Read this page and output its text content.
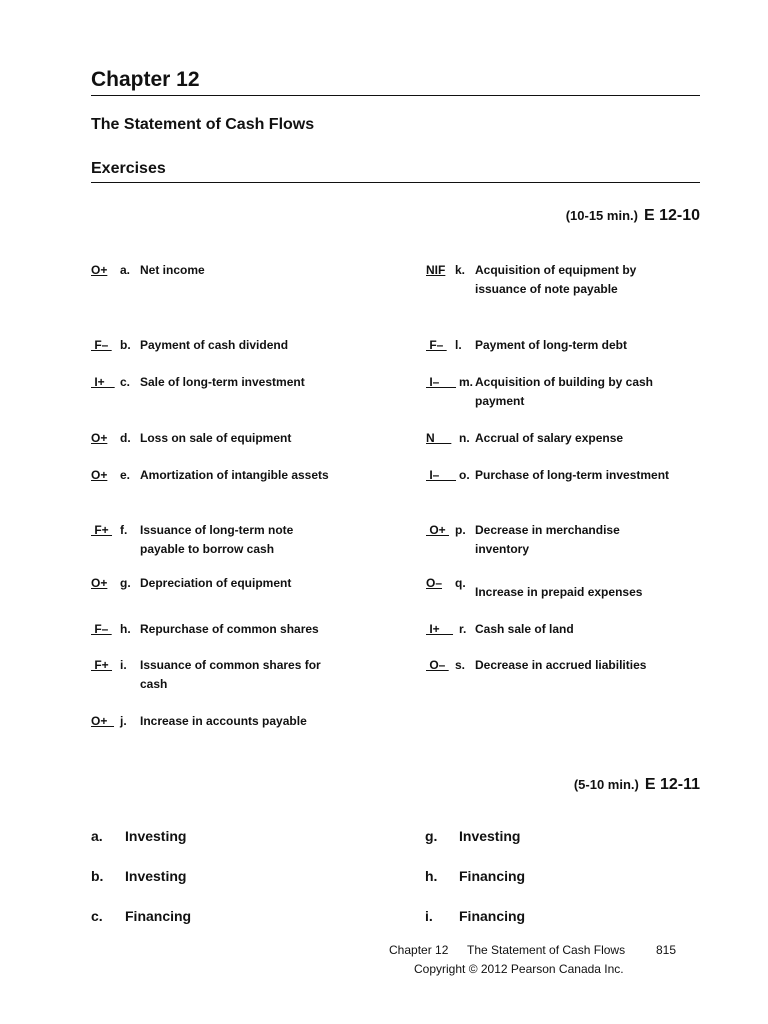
Chapter 12
The Statement of Cash Flows
Exercises
(10-15 min.) E 12-10
O+ a. Net income
F– b. Payment of cash dividend
I+ c. Sale of long-term investment
O+ d. Loss on sale of equipment
O+ e. Amortization of intangible assets
F+ f. Issuance of long-term note payable to borrow cash
O+ g. Depreciation of equipment
F– h. Repurchase of common shares
F+ i. Issuance of common shares for cash
O+ j. Increase in accounts payable
NIF k. Acquisition of equipment by issuance of note payable
F– l. Payment of long-term debt
I– m. Acquisition of building by cash payment
N n. Accrual of salary expense
I– o. Purchase of long-term investment
O+ p. Decrease in merchandise inventory
O– q.
Increase in prepaid expenses
I+ r. Cash sale of land
O– s. Decrease in accrued liabilities
(5-10 min.) E 12-11
a. Investing
b. Investing
c. Financing
g. Investing
h. Financing
i. Financing
Chapter 12 The Statement of Cash Flows	815
Copyright © 2012 Pearson Canada Inc.
